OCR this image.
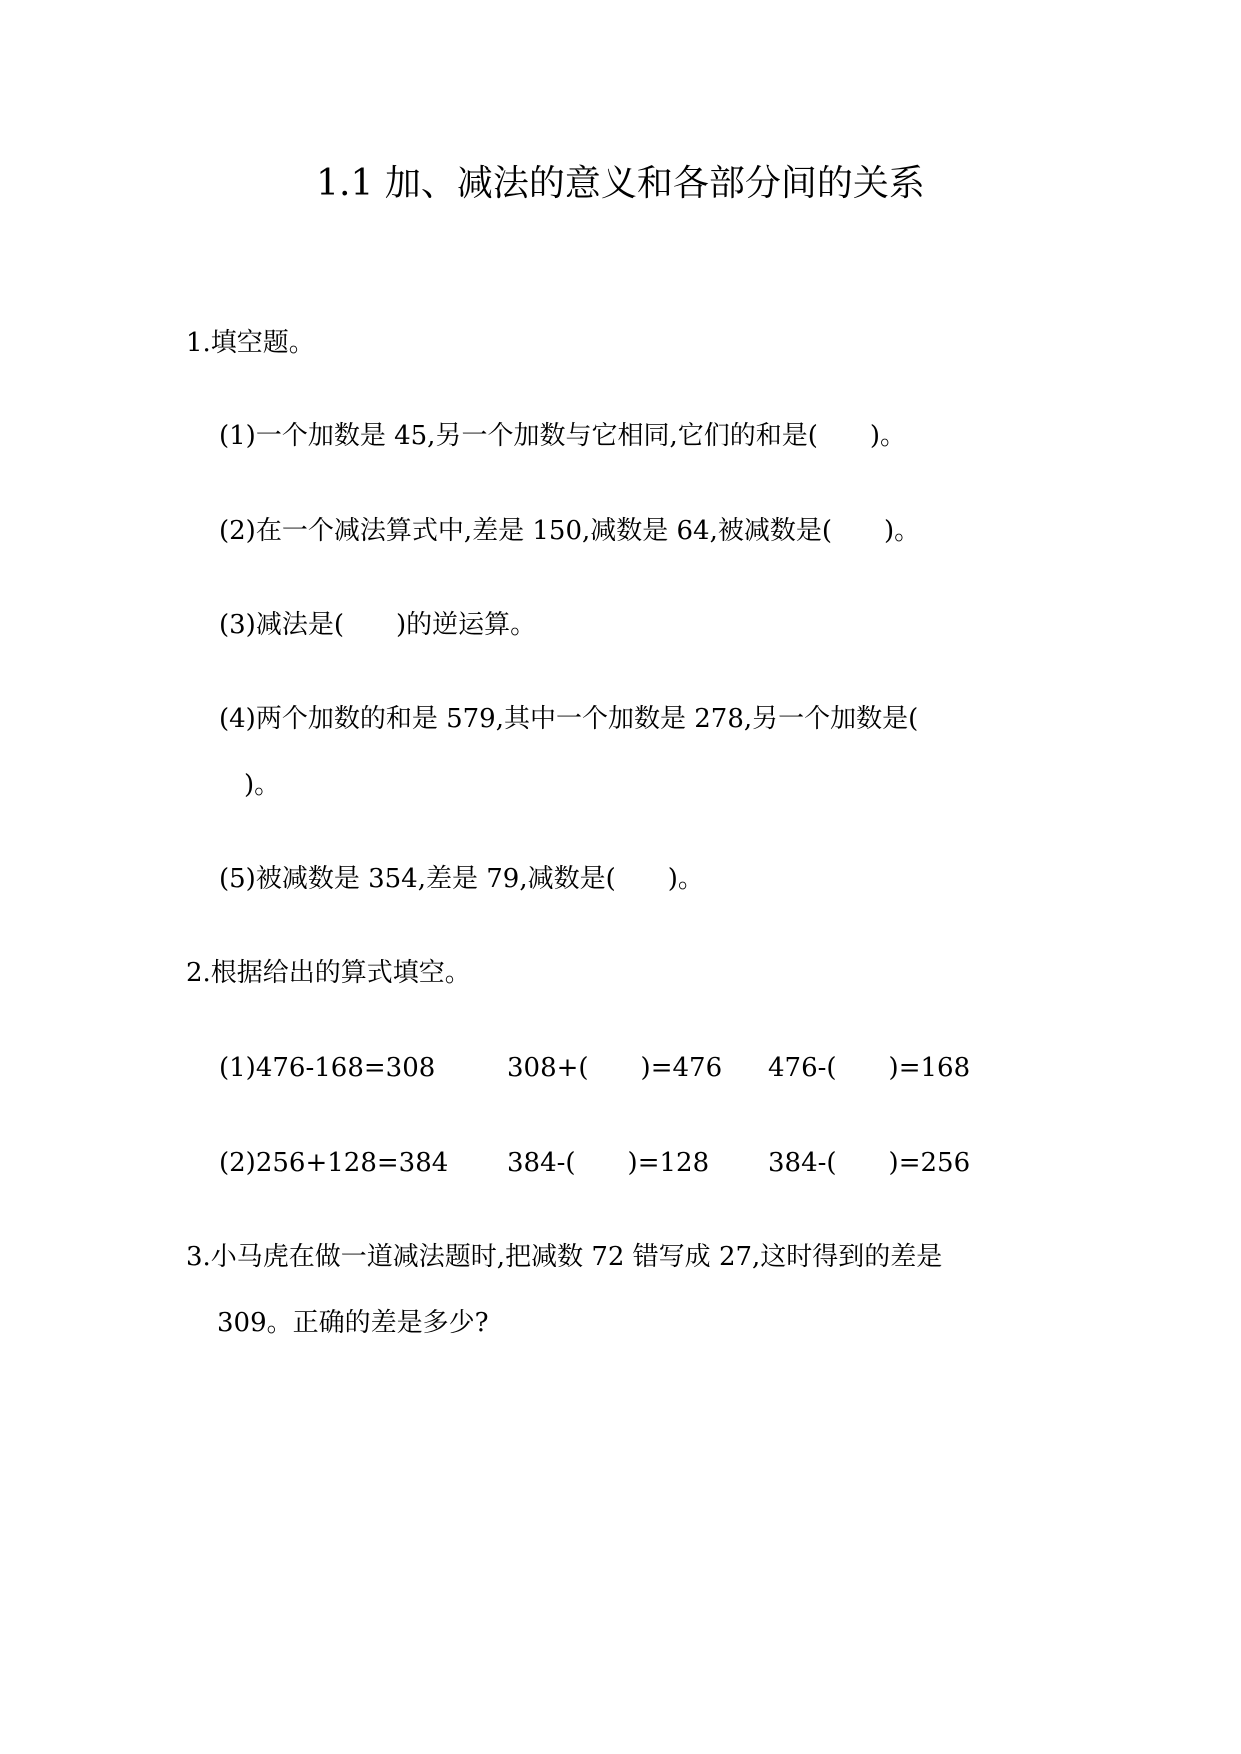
1.1 加、减法的意义和各部分间的关系
1.填空题。
(1)一个加数是 45,另一个加数与它相同,它们的和是(　　)。
(2)在一个减法算式中,差是 150,减数是 64,被减数是(　　)。
(3)减法是(　　)的逆运算。
(4)两个加数的和是 579,其中一个加数是 278,另一个加数是(
)。
(5)被减数是 354,差是 79,减数是(　　)。
2.根据给出的算式填空。
(1)476-168=308	308+(　　)=476 476-(　　)=168
(2)256+128=384 384-(　　)=128 384-(　　)=256
3.小马虎在做一道减法题时,把减数 72 错写成 27,这时得到的差是
309。正确的差是多少?
